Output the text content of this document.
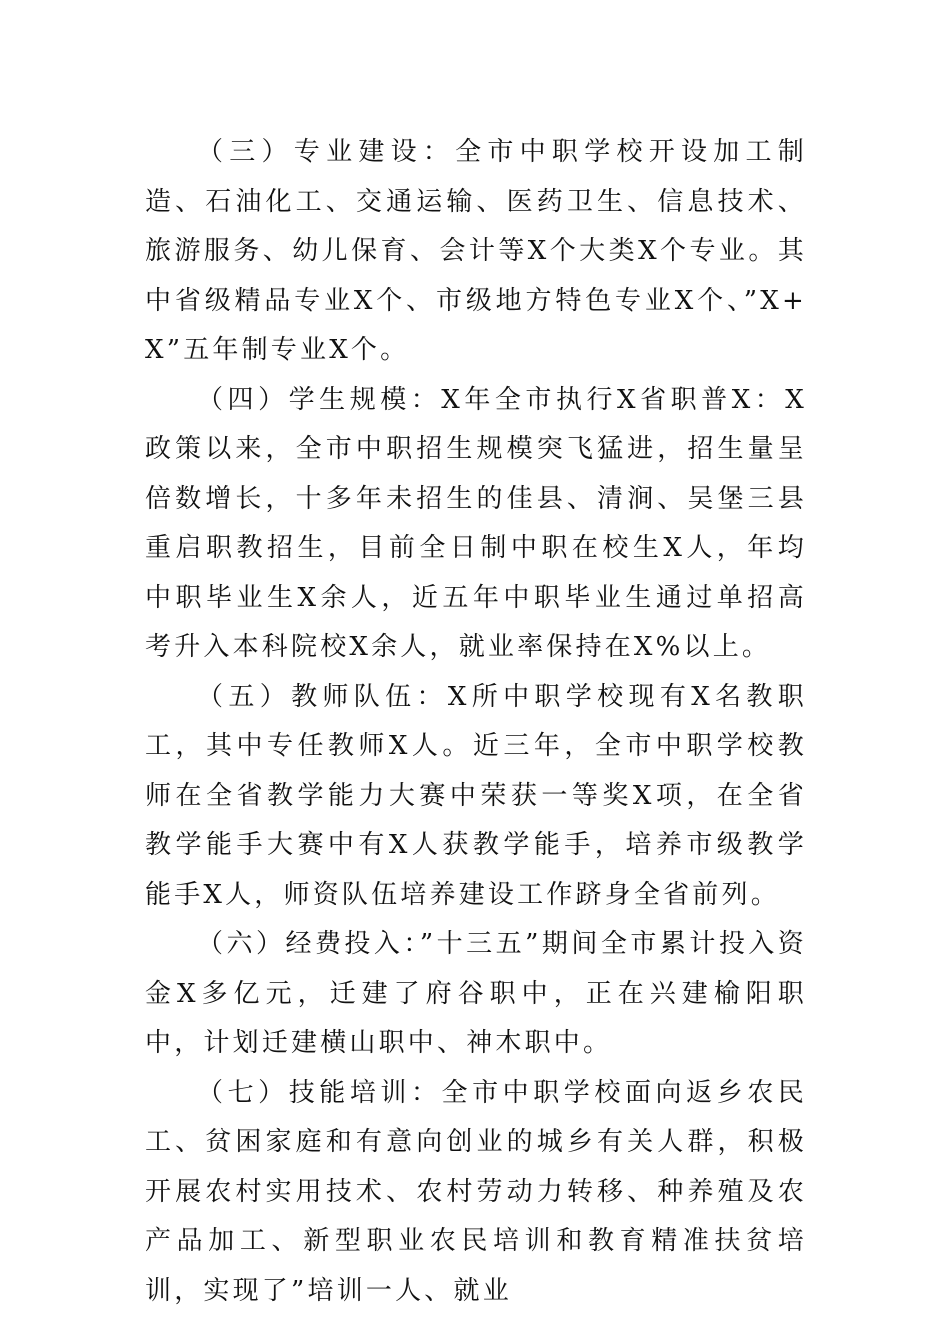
（三）专业建设：全市中职学校开设加工制造、石油化工、交通运输、医药卫生、信息技术、旅游服务、幼儿保育、会计等X个大类X个专业。其中省级精品专业X个、市级地方特色专业X个、”X+X”五年制专业X个。

（四）学生规模：X年全市执行X省职普X：X政策以来，全市中职招生规模突飞猛进，招生量呈倍数增长，十多年未招生的佳县、清涧、吴堡三县重启职教招生，目前全日制中职在校生X人，年均中职毕业生X余人，近五年中职毕业生通过单招高考升入本科院校X余人，就业率保持在X%以上。

（五）教师队伍：X所中职学校现有X名教职工，其中专任教师X人。近三年，全市中职学校教师在全省教学能力大赛中荣获一等奖X项，在全省教学能手大赛中有X人获教学能手，培养市级教学能手X人，师资队伍培养建设工作跻身全省前列。

（六）经费投入：”十三五”期间全市累计投入资金X多亿元，迁建了府谷职中，正在兴建榆阳职中，计划迁建横山职中、神木职中。

（七）技能培训：全市中职学校面向返乡农民工、贫困家庭和有意向创业的城乡有关人群，积极开展农村实用技术、农村劳动力转移、种养殖及农产品加工、新型职业农民培训和教育精准扶贫培训，实现了”培训一人、就业
